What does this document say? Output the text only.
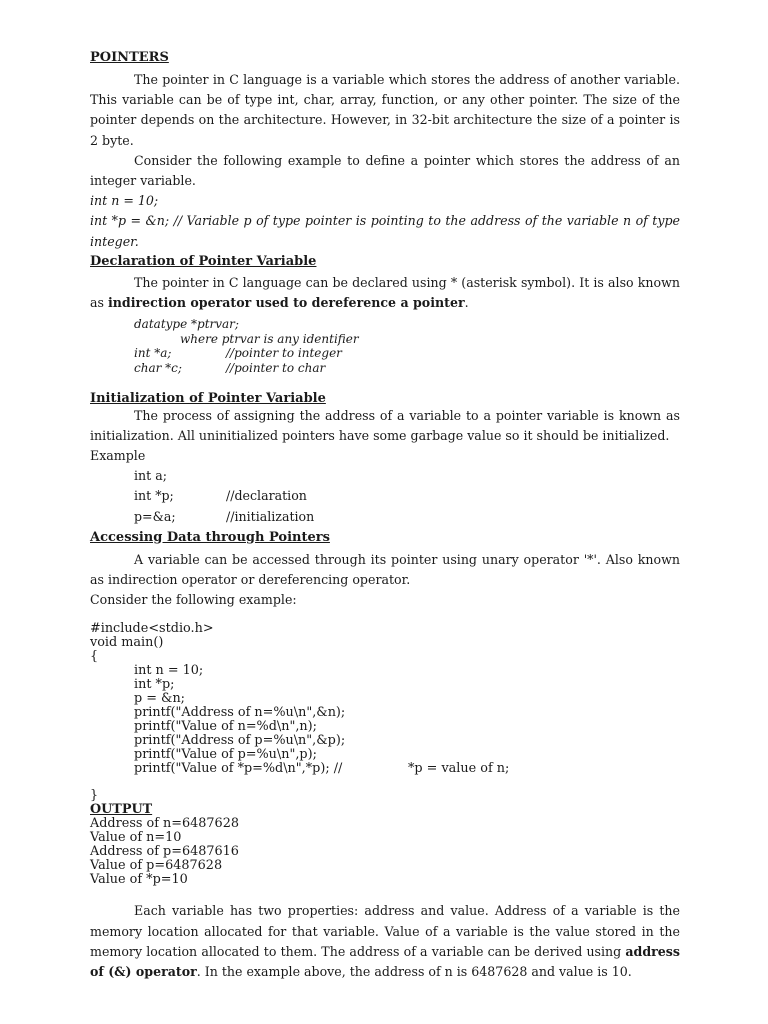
POINTERS

The pointer in C language is a variable which stores the address of another variable. This variable can be of type int, char, array, function, or any other pointer. The size of the pointer depends on the architecture. However, in 32-bit architecture the size of a pointer is 2 byte.

Consider the following example to define a pointer which stores the address of an integer variable.

int n = 10;

int *p = &n; // Variable p of type pointer is pointing to the address of the variable n of type integer.

Declaration of Pointer Variable

The pointer in C language can be declared using * (asterisk symbol). It is also known as indirection operator used to dereference a pointer.

datatype *ptrvar;
where ptrvar is any identifier
int *a;	//pointer to integer
char *c;	//pointer to char

Initialization of Pointer Variable

The process of assigning the address of a variable to a pointer variable is known as initialization. All uninitialized pointers have some garbage value so it should be initialized.

Example

int a;
int *p;	//declaration
p=&a;	//initialization

Accessing Data through Pointers

A variable can be accessed through its pointer using unary operator '*'. Also known as indirection operator or dereferencing operator.

Consider the following example:

#include<stdio.h>
void main()
{
int n = 10;
int *p;
p = &n;
printf("Address of n=%u\n",&n);
printf("Value of n=%d\n",n);
printf("Address of p=%u\n",&p);
printf("Value of p=%u\n",p);
printf("Value of *p=%d\n",*p); //	*p = value of n;
}
OUTPUT
Address of n=6487628
Value of n=10
Address of p=6487616
Value of p=6487628
Value of *p=10

Each variable has two properties: address and value. Address of a variable is the memory location allocated for that variable. Value of a variable is the value stored in the memory location allocated to them. The address of a variable can be derived using address of (&) operator. In the example above, the address of n is 6487628 and value is 10.
